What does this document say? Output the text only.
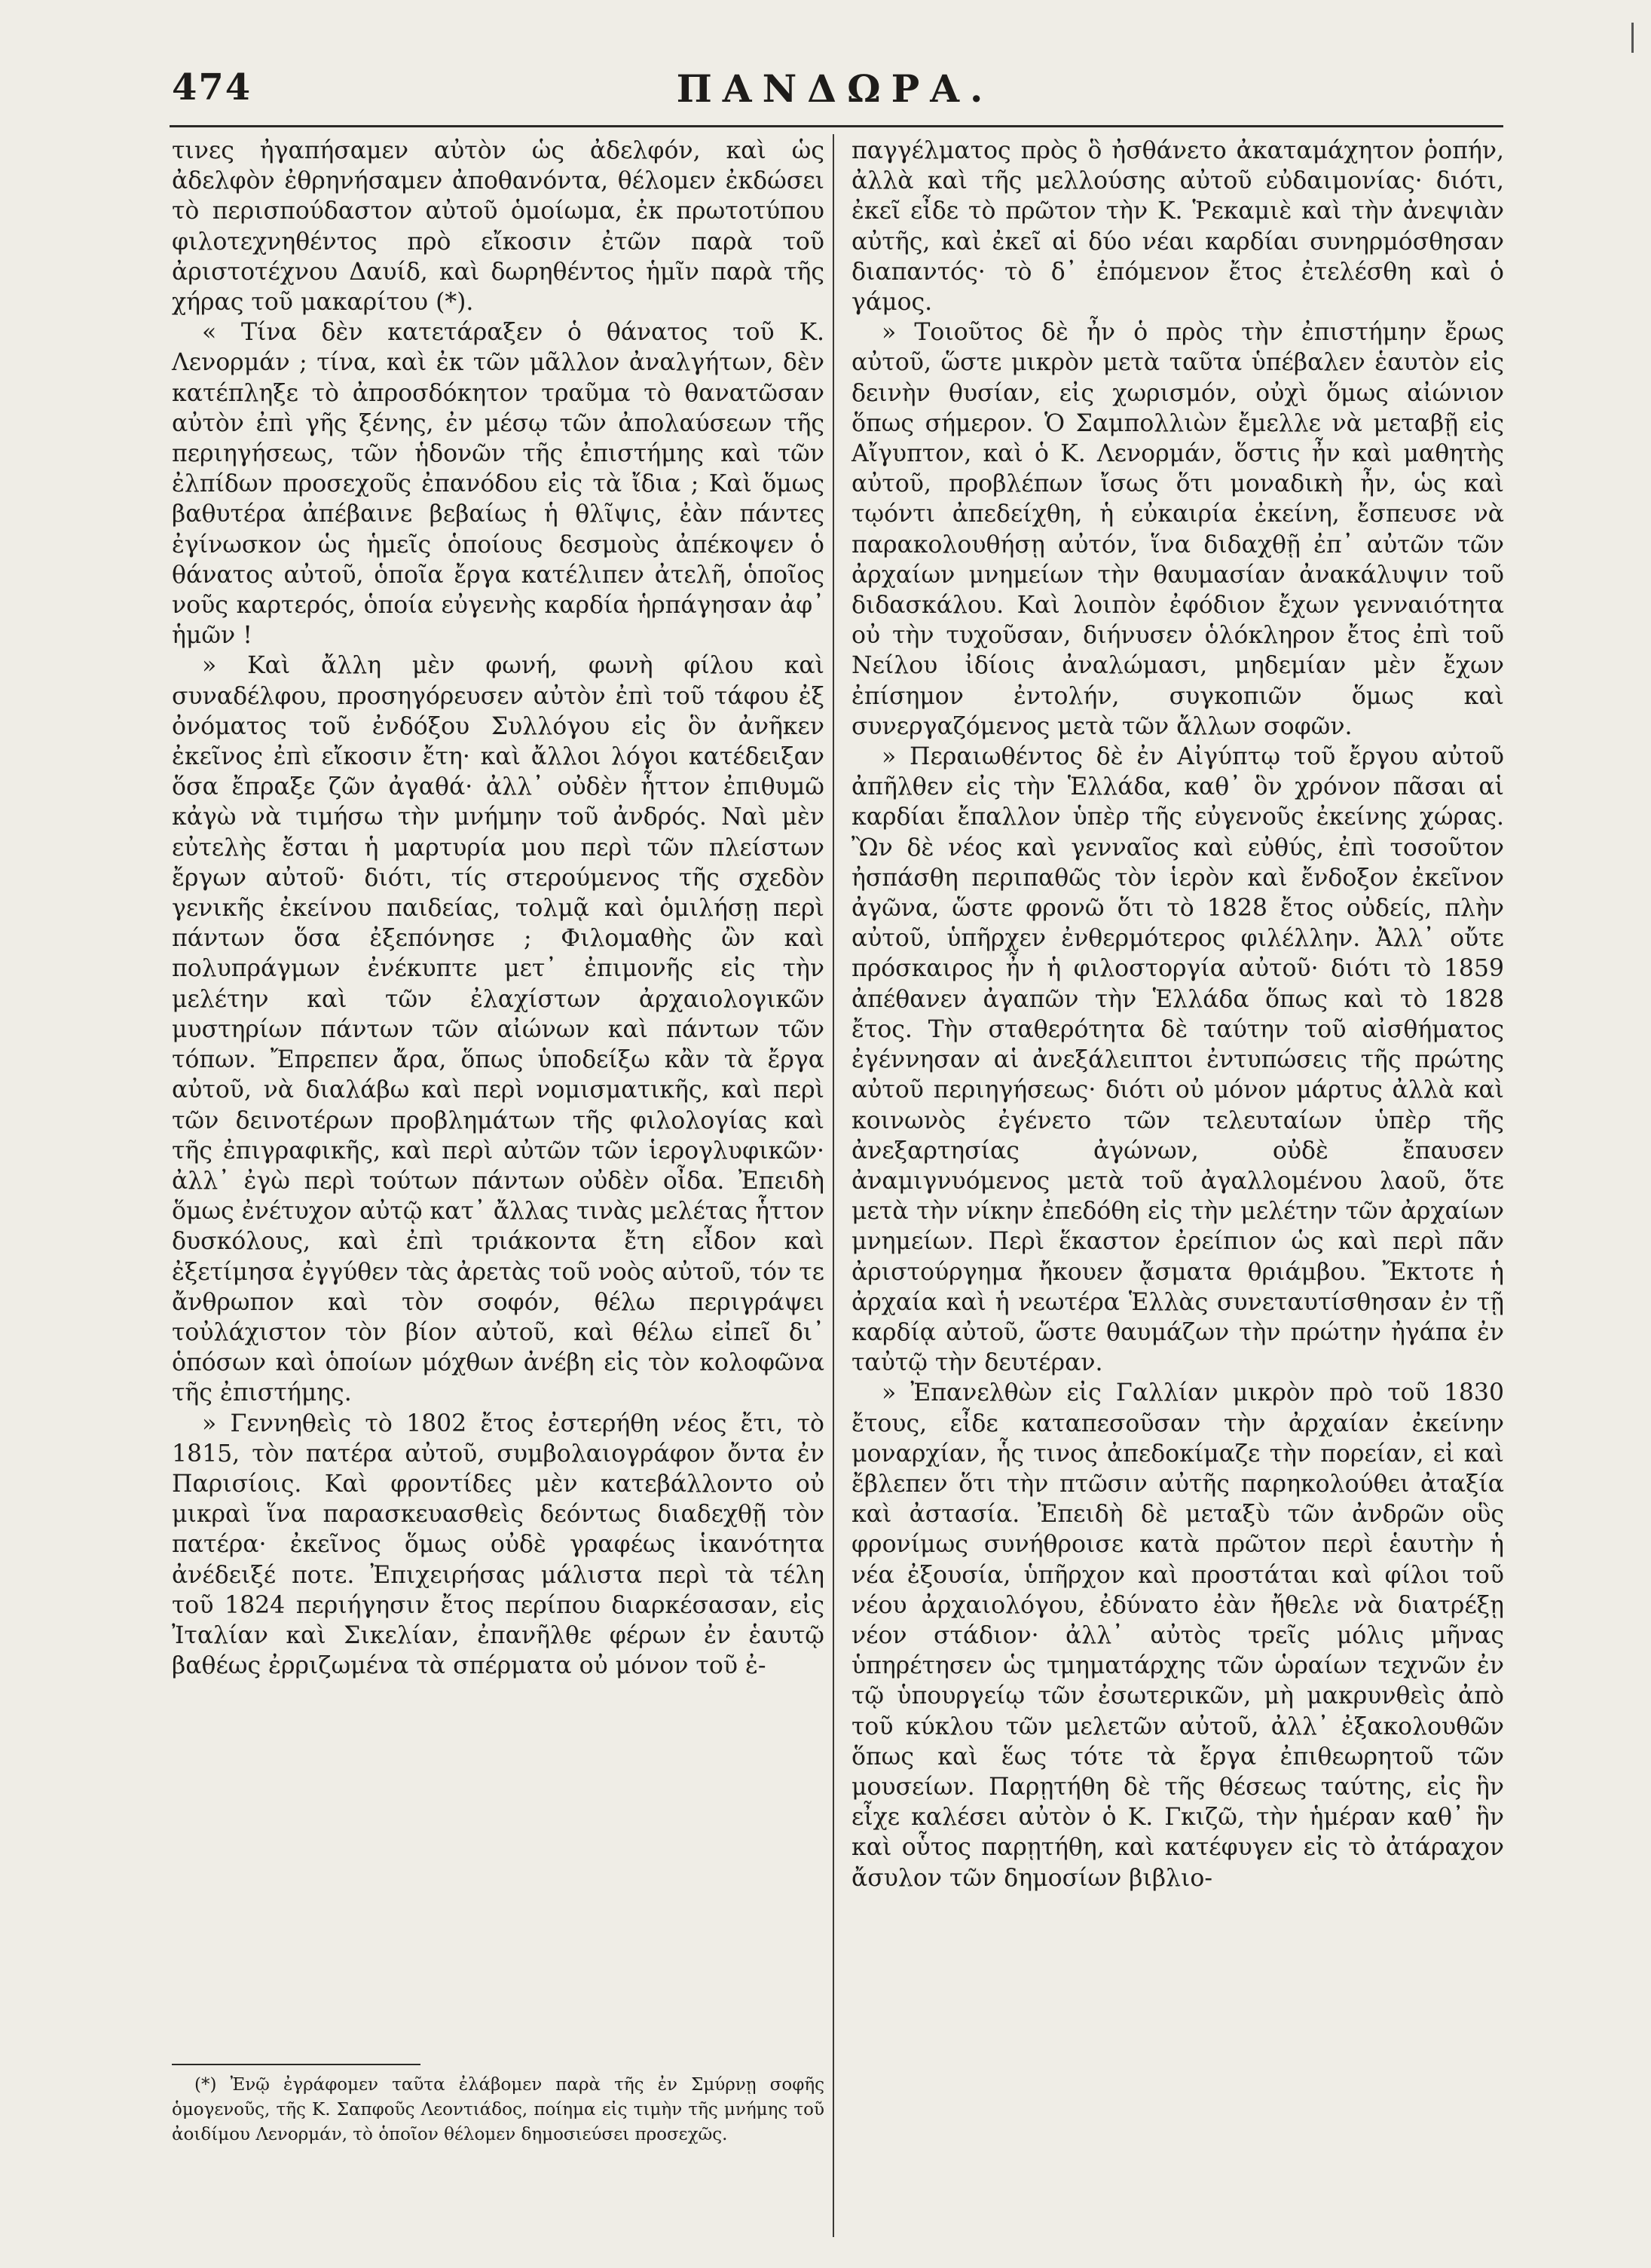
474	ΠΑΝΔΩΡΑ.

τινες ἠγαπήσαμεν αὐτὸν ὡς ἀδελφόν, καὶ ὡς ἀδελφὸν ἐθρηνήσαμεν ἀποθανόντα, θέλομεν ἐκδώσει τὸ περισπούδαστον αὐτοῦ ὁμοίωμα, ἐκ πρωτοτύπου φιλοτεχνηθέντος πρὸ εἴκοσιν ἐτῶν παρὰ τοῦ ἀριστοτέχνου Δαυίδ, καὶ δωρηθέντος ἡμῖν παρὰ τῆς χήρας τοῦ μακαρίτου (*).

« Τίνα δὲν κατετάραξεν ὁ θάνατος τοῦ Κ. Λενορμάν ; τίνα, καὶ ἐκ τῶν μᾶλλον ἀναλγήτων, δὲν κατέπληξε τὸ ἀπροσδόκητον τραῦμα τὸ θανατῶσαν αὐτὸν ἐπὶ γῆς ξένης, ἐν μέσῳ τῶν ἀπολαύσεων τῆς περιηγήσεως, τῶν ἡδονῶν τῆς ἐπιστήμης καὶ τῶν ἐλπίδων προσεχοῦς ἐπανόδου εἰς τὰ ἴδια ; Καὶ ὅμως βαθυτέρα ἀπέβαινε βεβαίως ἡ θλῖψις, ἐὰν πάντες ἐγίνωσκον ὡς ἡμεῖς ὁποίους δεσμοὺς ἀπέκοψεν ὁ θάνατος αὐτοῦ, ὁποῖα ἔργα κατέλιπεν ἀτελῆ, ὁποῖος νοῦς καρτερός, ὁποία εὐγενὴς καρδία ἡρπάγησαν ἀφ᾽ ἡμῶν !

» Καὶ ἄλλη μὲν φωνή, φωνὴ φίλου καὶ συναδέλφου, προσηγόρευσεν αὐτὸν ἐπὶ τοῦ τάφου ἐξ ὀνόματος τοῦ ἐνδόξου Συλλόγου εἰς ὃν ἀνῆκεν ἐκεῖνος ἐπὶ εἴκοσιν ἔτη· καὶ ἄλλοι λόγοι κατέδειξαν ὅσα ἔπραξε ζῶν ἀγαθά· ἀλλ᾽ οὐδὲν ἧττον ἐπιθυμῶ κἀγὼ νὰ τιμήσω τὴν μνήμην τοῦ ἀνδρός. Ναὶ μὲν εὐτελὴς ἔσται ἡ μαρτυρία μου περὶ τῶν πλείστων ἔργων αὐτοῦ· διότι, τίς στερούμενος τῆς σχεδὸν γενικῆς ἐκείνου παιδείας, τολμᾷ καὶ ὁμιλήσῃ περὶ πάντων ὅσα ἐξεπόνησε ; Φιλομαθὴς ὢν καὶ πολυπράγμων ἐνέκυπτε μετ᾽ ἐπιμονῆς εἰς τὴν μελέτην καὶ τῶν ἐλαχίστων ἀρχαιολογικῶν μυστηρίων πάντων τῶν αἰώνων καὶ πάντων τῶν τόπων. Ἔπρεπεν ἄρα, ὅπως ὑποδείξω κἂν τὰ ἔργα αὐτοῦ, νὰ διαλάβω καὶ περὶ νομισματικῆς, καὶ περὶ τῶν δεινοτέρων προβλημάτων τῆς φιλολογίας καὶ τῆς ἐπιγραφικῆς, καὶ περὶ αὐτῶν τῶν ἱερογλυφικῶν· ἀλλ᾽ ἐγὼ περὶ τούτων πάντων οὐδὲν οἶδα. Ἐπειδὴ ὅμως ἐνέτυχον αὐτῷ κατ᾽ ἄλλας τινὰς μελέτας ἧττον δυσκόλους, καὶ ἐπὶ τριάκοντα ἔτη εἶδον καὶ ἐξετίμησα ἐγγύθεν τὰς ἀρετὰς τοῦ νοὸς αὐτοῦ, τόν τε ἄνθρωπον καὶ τὸν σοφόν, θέλω περιγράψει τοὐλάχιστον τὸν βίον αὐτοῦ, καὶ θέλω εἰπεῖ δι᾽ ὁπόσων καὶ ὁποίων μόχθων ἀνέβη εἰς τὸν κολοφῶνα τῆς ἐπιστήμης.

» Γεννηθεὶς τὸ 1802 ἔτος ἐστερήθη νέος ἔτι, τὸ 1815, τὸν πατέρα αὐτοῦ, συμβολαιογράφον ὄντα ἐν Παρισίοις. Καὶ φροντίδες μὲν κατεβάλλοντο οὐ μικραὶ ἵνα παρασκευασθεὶς δεόντως διαδεχθῇ τὸν πατέρα· ἐκεῖνος ὅμως οὐδὲ γραφέως ἱκανότητα ἀνέδειξέ ποτε. Ἐπιχειρήσας μάλιστα περὶ τὰ τέλη τοῦ 1824 περιήγησιν ἔτος περίπου διαρκέσασαν, εἰς Ἰταλίαν καὶ Σικελίαν, ἐπανῆλθε φέρων ἐν ἑαυτῷ βαθέως ἐρριζωμένα τὰ σπέρματα οὐ μόνον τοῦ ἐ-

παγγέλματος πρὸς ὃ ἠσθάνετο ἀκαταμάχητον ῥοπήν, ἀλλὰ καὶ τῆς μελλούσης αὐτοῦ εὐδαιμονίας· διότι, ἐκεῖ εἶδε τὸ πρῶτον τὴν Κ. Ῥεκαμιὲ καὶ τὴν ἀνεψιὰν αὐτῆς, καὶ ἐκεῖ αἱ δύο νέαι καρδίαι συνηρμόσθησαν διαπαντός· τὸ δ᾽ ἐπόμενον ἔτος ἐτελέσθη καὶ ὁ γάμος.

» Τοιοῦτος δὲ ἦν ὁ πρὸς τὴν ἐπιστήμην ἔρως αὐτοῦ, ὥστε μικρὸν μετὰ ταῦτα ὑπέβαλεν ἑαυτὸν εἰς δεινὴν θυσίαν, εἰς χωρισμόν, οὐχὶ ὅμως αἰώνιον ὅπως σήμερον. Ὁ Σαμπολλιὼν ἔμελλε νὰ μεταβῇ εἰς Αἴγυπτον, καὶ ὁ Κ. Λενορμάν, ὅστις ἦν καὶ μαθητὴς αὐτοῦ, προβλέπων ἴσως ὅτι μοναδικὴ ἦν, ὡς καὶ τῳόντι ἀπεδείχθη, ἡ εὐκαιρία ἐκείνη, ἔσπευσε νὰ παρακολουθήσῃ αὐτόν, ἵνα διδαχθῇ ἐπ᾽ αὐτῶν τῶν ἀρχαίων μνημείων τὴν θαυμασίαν ἀνακάλυψιν τοῦ διδασκάλου. Καὶ λοιπὸν ἐφόδιον ἔχων γενναιότητα οὐ τὴν τυχοῦσαν, διήνυσεν ὁλόκληρον ἔτος ἐπὶ τοῦ Νείλου ἰδίοις ἀναλώμασι, μηδεμίαν μὲν ἔχων ἐπίσημον ἐντολήν, συγκοπιῶν ὅμως καὶ συνεργαζόμενος μετὰ τῶν ἄλλων σοφῶν.

» Περαιωθέντος δὲ ἐν Αἰγύπτῳ τοῦ ἔργου αὐτοῦ ἀπῆλθεν εἰς τὴν Ἑλλάδα, καθ᾽ ὃν χρόνον πᾶσαι αἱ καρδίαι ἔπαλλον ὑπὲρ τῆς εὐγενοῦς ἐκείνης χώρας. Ὢν δὲ νέος καὶ γενναῖος καὶ εὐθύς, ἐπὶ τοσοῦτον ἠσπάσθη περιπαθῶς τὸν ἱερὸν καὶ ἔνδοξον ἐκεῖνον ἀγῶνα, ὥστε φρονῶ ὅτι τὸ 1828 ἔτος οὐδείς, πλὴν αὐτοῦ, ὑπῆρχεν ἐνθερμότερος φιλέλλην. Ἀλλ᾽ οὔτε πρόσκαιρος ἦν ἡ φιλοστοργία αὐτοῦ· διότι τὸ 1859 ἀπέθανεν ἀγαπῶν τὴν Ἑλλάδα ὅπως καὶ τὸ 1828 ἔτος. Τὴν σταθερότητα δὲ ταύτην τοῦ αἰσθήματος ἐγέννησαν αἱ ἀνεξάλειπτοι ἐντυπώσεις τῆς πρώτης αὐτοῦ περιηγήσεως· διότι οὐ μόνον μάρτυς ἀλλὰ καὶ κοινωνὸς ἐγένετο τῶν τελευταίων ὑπὲρ τῆς ἀνεξαρτησίας ἀγώνων, οὐδὲ ἔπαυσεν ἀναμιγνυόμενος μετὰ τοῦ ἀγαλλομένου λαοῦ, ὅτε μετὰ τὴν νίκην ἐπεδόθη εἰς τὴν μελέτην τῶν ἀρχαίων μνημείων. Περὶ ἕκαστον ἐρείπιον ὡς καὶ περὶ πᾶν ἀριστούργημα ἤκουεν ᾄσματα θριάμβου. Ἔκτοτε ἡ ἀρχαία καὶ ἡ νεωτέρα Ἑλλὰς συνεταυτίσθησαν ἐν τῇ καρδίᾳ αὐτοῦ, ὥστε θαυμάζων τὴν πρώτην ἠγάπα ἐν ταὐτῷ τὴν δευτέραν.

» Ἐπανελθὼν εἰς Γαλλίαν μικρὸν πρὸ τοῦ 1830 ἔτους, εἶδε καταπεσοῦσαν τὴν ἀρχαίαν ἐκείνην μοναρχίαν, ἧς τινος ἀπεδοκίμαζε τὴν πορείαν, εἰ καὶ ἔβλεπεν ὅτι τὴν πτῶσιν αὐτῆς παρηκολούθει ἀταξία καὶ ἀστασία. Ἐπειδὴ δὲ μεταξὺ τῶν ἀνδρῶν οὓς φρονίμως συνήθροισε κατὰ πρῶτον περὶ ἑαυτὴν ἡ νέα ἐξουσία, ὑπῆρχον καὶ προστάται καὶ φίλοι τοῦ νέου ἀρχαιολόγου, ἐδύνατο ἐὰν ἤθελε νὰ διατρέξῃ νέον στάδιον· ἀλλ᾽ αὐτὸς τρεῖς μόλις μῆνας ὑπηρέτησεν ὡς τμηματάρχης τῶν ὡραίων τεχνῶν ἐν τῷ ὑπουργείῳ τῶν ἐσωτερικῶν, μὴ μακρυνθεὶς ἀπὸ τοῦ κύκλου τῶν μελετῶν αὐτοῦ, ἀλλ᾽ ἐξακολουθῶν ὅπως καὶ ἕως τότε τὰ ἔργα ἐπιθεωρητοῦ τῶν μουσείων. Παρῃτήθη δὲ τῆς θέσεως ταύτης, εἰς ἣν εἶχε καλέσει αὐτὸν ὁ Κ. Γκιζῶ, τὴν ἡμέραν καθ᾽ ἣν καὶ οὗτος παρῃτήθη, καὶ κατέφυγεν εἰς τὸ ἀτάραχον ἄσυλον τῶν δημοσίων βιβλιο-

(*) Ἐνῷ ἐγράφομεν ταῦτα ἐλάβομεν παρὰ τῆς ἐν Σμύρνῃ σοφῆς ὁμογενοῦς, τῆς Κ. Σαπφοῦς Λεοντιάδος, ποίημα εἰς τιμὴν τῆς μνήμης τοῦ ἀοιδίμου Λενορμάν, τὸ ὁποῖον θέλομεν δημοσιεύσει προσεχῶς.
